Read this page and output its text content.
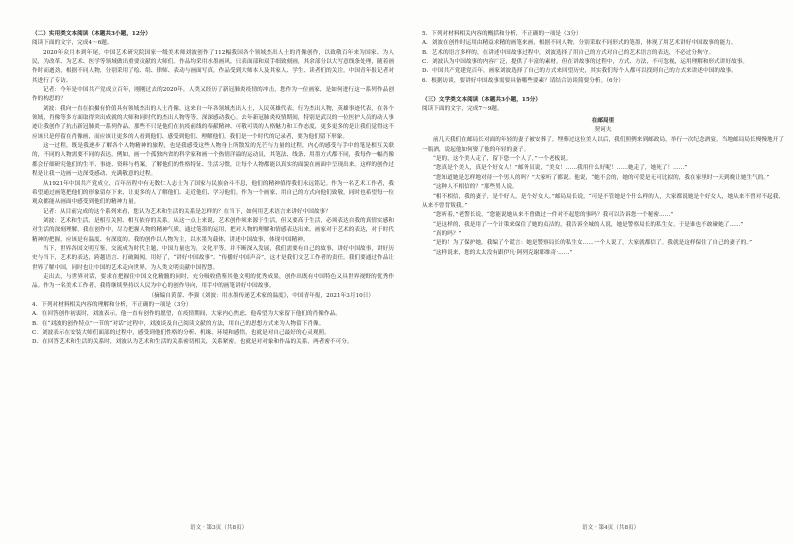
（二）实用类文本阅读（本题共3小题，12分）

阅读下面的文字，完成4～6题。

2020年众月本到年尾，中国艺术研究院国家一级美术师刘波创作了112幅我国各个领域杰出人士的肖像创作，以致敬百年来为国家、为人民，为改革、为艺术、医学等领域做出重要贡献的大师们。作品均采用水墨画风，只表面部和双手细致刻画，其余部分以大写意线条处理，随着画作时而遒劲，根据不同人物，分别采用了绘、绢、律师、表动与画面写真。作品受到大师本人及其家人、学生、读者们的关注。中国青年报记者对其进行了专访。

记者：今年是中国共产党成立百年，刚刚过去的2020年，人类又经历了新冠肺炎疫情的冲击，您作为一位画家，是如何进行这一系列作品创作的构思的？

刘波：我向一直在拍摄有价值具有领域杰出的人士肖像。这来自一年各领域杰出人士，人民英雄代表、行为杰出人物，英雄事迹代表，在各个领域，肖像等多方面取得突出成就的大师和同时代的杰出人物等等。深深感动我心。去年新冠肺炎疫情期间，特别是武汉的一位医护人员的动人事迹让我创作了抗击新冠肺炎一系列作品，那些不只是他们在抗疫前线的奉献精神、可敬可畏的人格魅力和工作态度，更多更多的是让我们觉得这不应该只是停留在肖像画，而应该让更多的人看到他们、感受到他们、理解他们。我们是一个时代的记录者，要为他们留下形象。

这一过程，既是我逐步了解各个人物精神的旅程，也是我感受这些人物身上所散发的光芒与力量的过程，内心的感受与手中的笔是相互关联的，不同的人物需要不同的表达。例如，画一个孤独内省的科学家和画一个热情洋溢的运动员，其笔法、线条、用墨方式都不同，我每作一幅肖像都会仔细研究他们的生平、事迹、资料与档案，了解他们的性格特征、生活习惯，让每个人物都能以真实的面貌在画面中呈现出来。这样的创作过程是让我一边画一边深受感动、充满敬意的过程。

从1921年中国共产党成立，百年历程中有无数仁人志士为了国家与民族奋斗不息，他们的精神值得我们永远铭记。作为一名艺术工作者，我希望通过画笔把他们的形象留存下来，让更多的人了解他们、走近他们、学习他们。作为一个画家，用自己的方式向他们致敬，同时也希望每一位观众都能从画面中感受到他们的精神力量。

记者：从目前完成的这个系列来看，您认为艺术和生活的关系是怎样的？在当下，如何用艺术语言来讲好中国故事？

刘波：艺术和生活，是相互关照、相互依存的关系。从这一点上来说，艺术创作须来源于生活，但又要高于生活，必须表达自我的真情实感和对生活的深刻理解。我在创作中，尽力把握人物的精神气质，通过笔墨的运用，把对人物的理解和情感表达出来，画家对于艺术的表达，对于时代精神的把握，应该是有温度、有深度的。我的创作以人物为主，以水墨为载体，讲述中国故事，体现中国精神。

当下，世界各国文明互鉴，交流成为时代主题，中国力量也为，文化平等，并不断深入发展，我们需要有自己的故事，讲好中国故事，讲好历史与当下，艺术的表达，跨越语言、打破隔阂，用好了，“讲好中国故事”、“传播好中国声音”，这才是我们文艺工作者的责任。我们要通过作品让世界了解中国，同时也让中国的艺术走向世界，为人类文明贡献中国智慧。

走出去，与世界对话，要求在把握住中国文化精髓的同时，充分吸收借鉴其他文明的优秀成果，创作出既有中国特色又具世界视野的优秀作品。作为一名美术工作者，我将继续坚持以人民为中心的创作导向，用手中的画笔讲好中国故事。

（摘编自黄蕾、李强《刘波：用水墨传递艺术家的温度》，中国青年报，2021年3月10日）

4．下列对材料相关内容的理解和分析，不正确的一项是（3分）

A．在回答创作初衷时，刘波表示，他一直有创作的愿望，在疫情期间，大家内心焦虑，他希望为大家留下他们的肖像作品。

B．在“刘波的创作特点”一节的“对话”过程中，刘波谈及自己阅读文献的方法，用自己的思想方式来为人物留下肖像。

C．刘波表示在安装大师们面部的过程中，感受到他们性格的分析、机缘、环境和感悟，也就是对自己最好的心灵观照。

D．在回答艺术和生活的关系时，刘波认为艺术和生活的关系密切相关，关系紧密，也就是对对象和作品的关系，两者密不可分。

5．下列对材料相关内容的概括和分析，不正确的一项是（3分）

A．刘波在创作时运用由精益求精的画笔来画，根据不同人物，分别采取不同形式的笔墨，体现了用艺术讲好中国故事的能力。

B．艺术的语言多样的，在讲述中国故事过程中，刘波选择了用自己的方式对自己的艺术语言的表达，不必过分拘守。

C．刘波认为中国故事的内容广泛，提供了丰富的素材，但在讲故事的过程中，方式、方法，不可忽视，运用理解和形式讲好故事。

D．中国共产党建党百年，画家刘波选择了自己的方式来回望历史，其实我们每个人都可以找到自己的方式来讲述中国的故事。

6．根据访谈，要讲好中国故事需要具备哪些要素？请结合访谈简要分析。（6分）

（三）文学类文本阅读（本题共3小题，15分）

阅读下面的文字，完成7～9题。

在邮局里

契诃夫

前几天我们在邮局长对面的年轻的妻子被安葬了。埋葬过这位美人以后，我们照例来到邮政局，举行一次纪念酒宴。当地邮局局长慢慢地开了一瓶酒，说起他如何娶了他的年轻的妻子。

“是的，这个美人走了，留下您一个人了，”一个老板说。

“您真是个美人，真是个好女人！”邮务员说，“美女！……我用什么好呢！……她走了，她死了！……”

“您知道她是怎样地对待一个男人的吗？”大家听了都说。他说，“她不会的，她的可爱是无可比拟的，我在家里时一天到晚让她生气的。”

“这种人不相信的？”那些男人说。

“相不相信，我的妻子，是个好人，是个好女人。”邮局局长说，“可是不管她是个什么样的人，大家都说她是个好女人，她从来不曾对不起我，从来不曾背叛我。”

“您听着，”老警长说，“您能说她从来不曾做过一件对不起您的事吗？我可以告诉您一个秘密……”

“是这样的，我是用了一个计策来保住了她的贞洁的，我告诉全城的人说，她是警察局长的私生女。于是谁也不敢碰她了……”

“真的吗？”

“是的！为了保护她，我编了个谎言：她是警察局长的私生女……一个人说了，大家就都信了。我就是这样保住了自己的妻子的。”

“这样说来，您的太太没有跟伊凡·阿列克谢耶维奇·……”

语文 · 第3页（共8页）	语文 · 第4页（共8页）
